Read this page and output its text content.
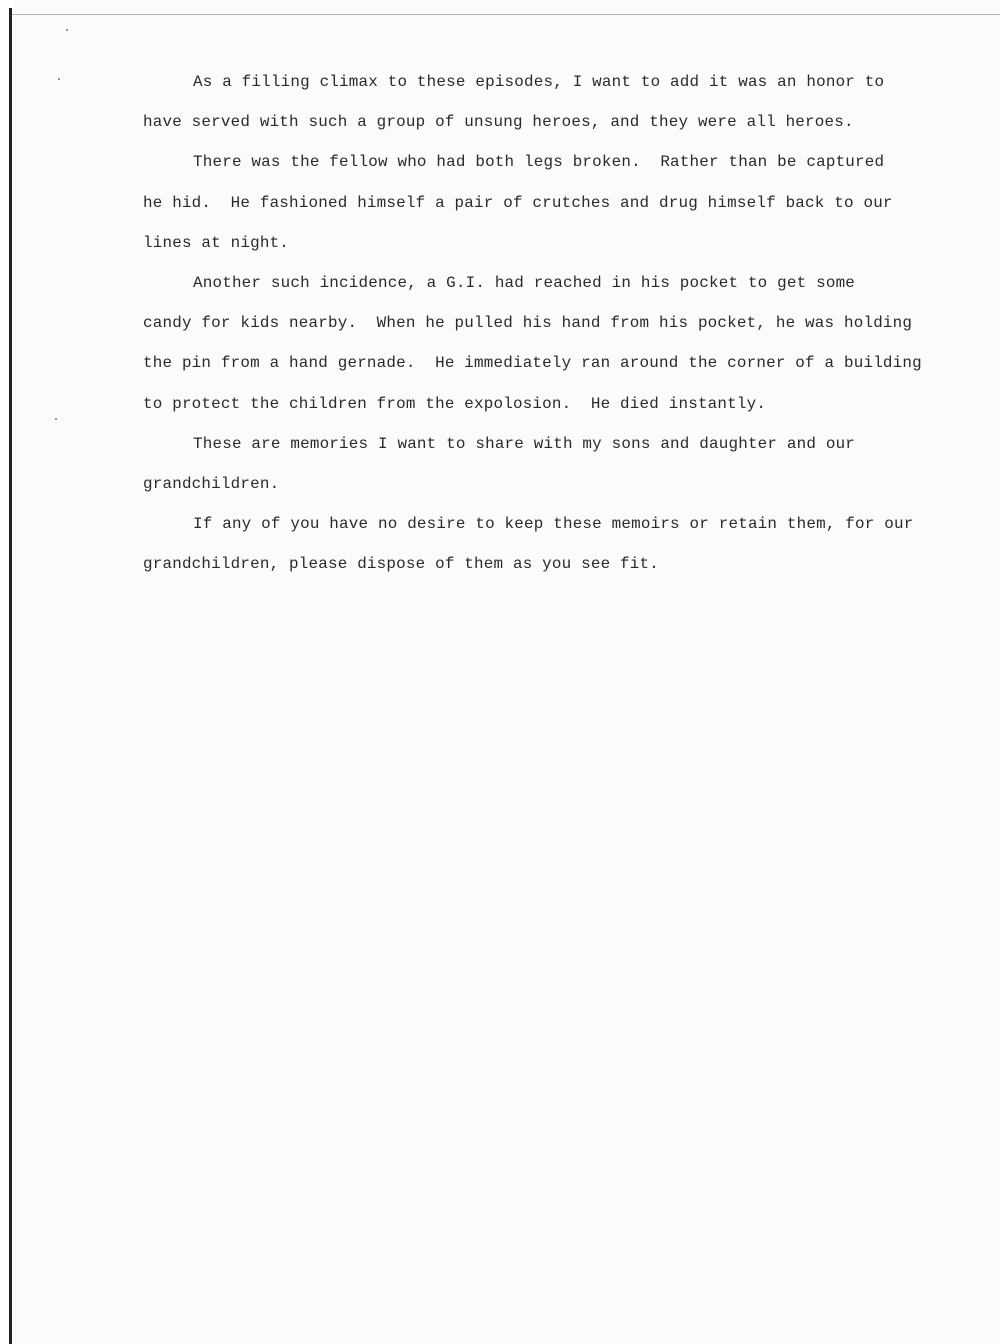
As a filling climax to these episodes, I want to add it was an honor to
have served with such a group of unsung heroes, and they were all heroes.
There was the fellow who had both legs broken.  Rather than be captured
he hid.  He fashioned himself a pair of crutches and drug himself back to our
lines at night.
Another such incidence, a G.I. had reached in his pocket to get some
candy for kids nearby.  When he pulled his hand from his pocket, he was holding
the pin from a hand gernade.  He immediately ran around the corner of a building
to protect the children from the expolosion.  He died instantly.
These are memories I want to share with my sons and daughter and our
grandchildren.
If any of you have no desire to keep these memoirs or retain them, for our
grandchildren, please dispose of them as you see fit.
